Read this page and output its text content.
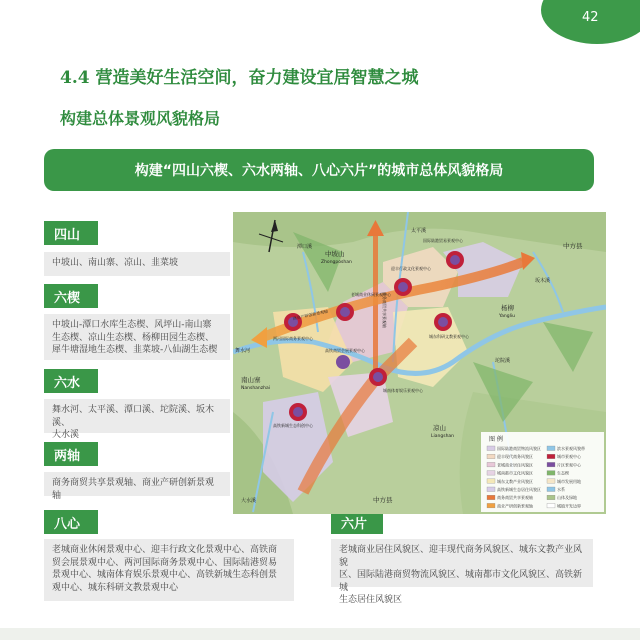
42
4.4 营造美好生活空间，奋力建设宜居智慧之城
构建总体景观风貌格局
构建“四山六楔、六水两轴、八心六片”的城市总体风貌格局
四山
中坡山、南山寨、凉山、韭菜坡
六楔
中坡山-潭口水库生态楔、风坪山-南山寨
生态楔、凉山生态楔、杨柳田园生态楔、
犀牛塘湿地生态楔、韭菜坡-八仙湖生态楔
六水
舞水河、太平溪、潭口溪、坨院溪、坂木溪、
大水溪
两轴
商务商贸共享景观轴、商业产研创新景观轴
八心
老城商业休闲景观中心、迎丰行政文化景观中心、高铁商
贸会展景观中心、两河国际商务景观中心、国际陆港贸易
景观中心、城南体育娱乐景观中心、高铁新城生态科创景
观中心、城东科研文教景观中心
六片
老城商业居住风貌区、迎丰现代商务风貌区、城东文教产业风貌
区、国际陆港商贸物流风貌区、城南都市文化风貌区、高铁新城
生态居住风貌区
中坡山
Zhongposhan
南山寨
Nanshanzhai
凉山
Liangshan
杨柳
Yangliu
中方县
中方县
舞水河
太平溪
潭口溪
大水溪
坨院溪
坂木溪
老城商业休闲景观中心
迎丰行政文化景观中心
国际陆港贸易景观中心
城东科研文教景观中心
两河国际商务景观中心
城南体育娱乐景观中心
高铁新城生态科创中心
高铁商贸会展景观中心
商务商贸共享景观轴
商业产研创新景观轴
图 例
国际陆港商贸物流风貌区
迎丰现代商务风貌区
老城商业居住风貌区
城南都市文化风貌区
城东文教产业风貌区
高铁新城生态居住风貌区
商务商贸共享景观轴
商业产研创新景观轴
滨水景观风貌带
城市景观中心
片区景观中心
生态楔
城市发展用地
水系
山体及绿地
城镇开发边界
